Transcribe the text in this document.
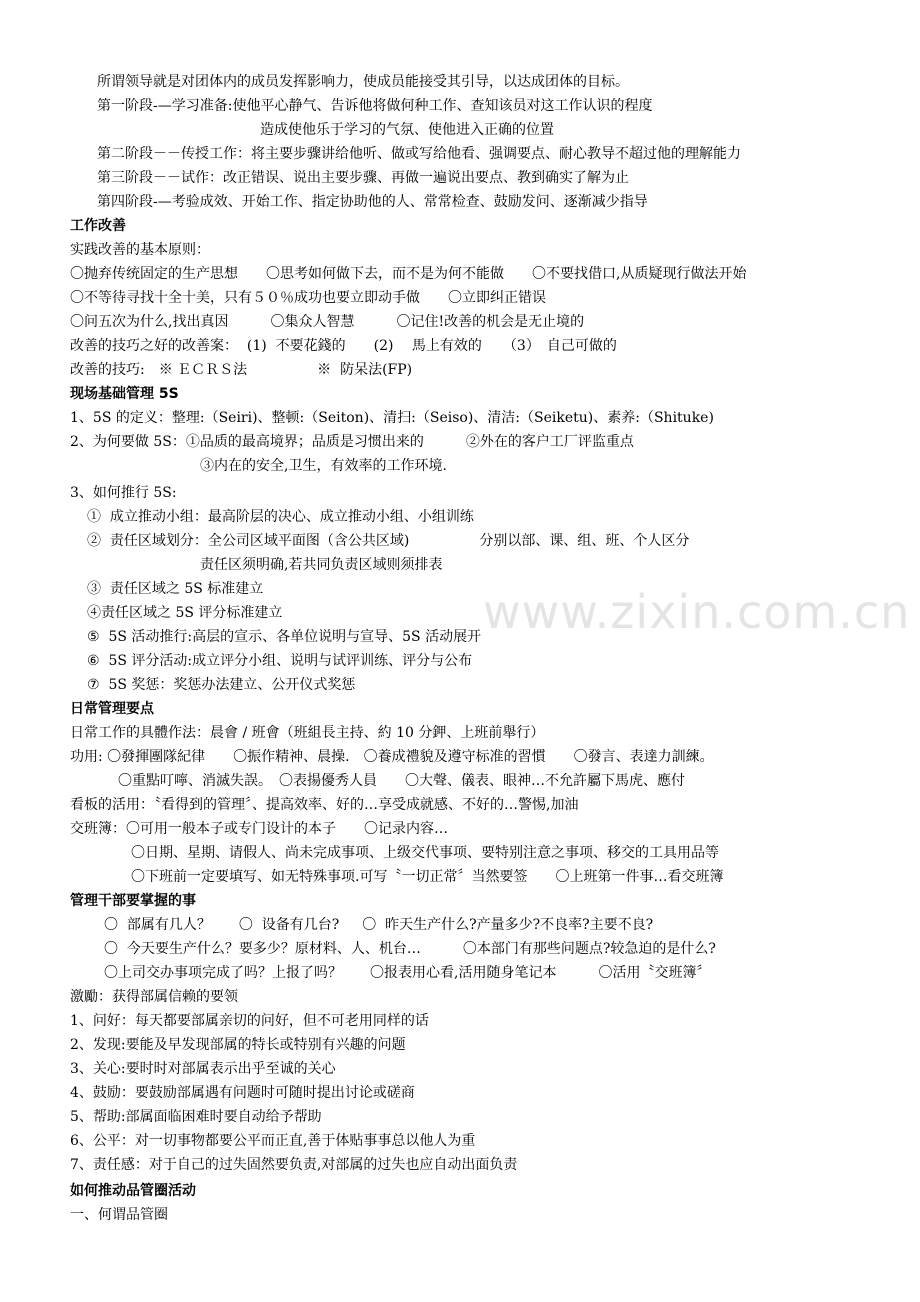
www.zixin.com.cn
所谓领导就是对团体内的成员发挥影响力，使成员能接受其引导，以达成团体的目标。
第一阶段-—学习准备:使他平心静气、告诉他将做何种工作、查知该员对这工作认识的程度
造成使他乐于学习的气氛、使他进入正确的位置
第二阶段－－传授工作：将主要步骤讲给他听、做或写给他看、强调要点、耐心教导不超过他的理解能力
第三阶段－－试作：改正错误、说出主要步骤、再做一遍说出要点、教到确实了解为止
第四阶段-—考验成效、开始工作、指定协助他的人、常常检查、鼓励发问、逐渐减少指导
工作改善
实践改善的基本原则：
〇抛弃传统固定的生产思想　　〇思考如何做下去，而不是为何不能做　　〇不要找借口,从质疑现行做法开始
〇不等待寻找十全十美，只有５０％成功也要立即动手做　　〇立即纠正错误
〇问五次为什么,找出真因　　　〇集众人智慧　　　〇记住!改善的机会是无止境的
改善的技巧之好的改善案：  (1)  不要花錢的　　(2)　 馬上有效的　　（3）　自己可做的
改善的技巧:　※ ＥＣＲＳ法　　　　　※  防呆法(FP)
现场基础管理 5S
1、5S 的定义：整理:（Seiri)、整顿:（Seiton)、清扫:（Seiso)、清洁:（Seiketu)、素养:（Shituke)
2、为何要做 5S：①品质的最高境界；品质是习惯出来的　　　②外在的客户工厂评监重点
③内在的安全,卫生，有效率的工作环境.
3、如何推行 5S:
①  成立推动小组：最高阶层的决心、成立推动小组、小组训练
②  责任区域划分：全公司区域平面图（含公共区域)　　　　　分别以部、课、组、班、个人区分
责任区须明确,若共同负责区域则须排表
③  责任区域之 5S 标准建立
④责任区域之 5S 评分标准建立
⑤  5S 活动推行:高层的宣示、各单位说明与宣导、5S 活动展开
⑥  5S 评分活动:成立评分小组、说明与试评训练、评分与公布
⑦  5S 奖惩：奖惩办法建立、公开仪式奖惩
日常管理要点
日常工作的具體作法：晨會 / 班會（班組長主持、約 10 分鉀、上班前舉行）
功用: 〇發揮團隊紀律　　〇振作精神、晨操.　〇養成禮貌及遵守标准的習慣　　〇發言、表達力訓練。
〇重點叮嚀、消滅失誤。　〇表揚優秀人員　　〇大聲、儀表、眼神…不允許屬下馬虎、應付
看板的活用：〝看得到的管理〞、提高效率、好的…享受成就感、不好的…警惕,加油
交班簿：〇可用一般本子或专门设计的本子　　〇记录内容…
〇日期、星期、请假人、尚未完成事项、上级交代事项、要特别注意之事项、移交的工具用品等
〇下班前一定要填写、如无特殊事项.可写〝一切正常〞当然要签　　〇上班第一件事…看交班簿
管理干部要掌握的事
〇  部属有几人？　　〇  设备有几台?　  〇  昨天生产什么?产量多少?不良率?主要不良?
〇  今天要生产什么？要多少？原材料、人、机台…　　　〇本部门有那些问题点?较急迫的是什么?
〇上司交办事项完成了吗？上报了吗？　　〇报表用心看,活用随身笔记本　　　〇活用〝交班簿〞
激勵：获得部属信赖的要领
1、问好：每天都要部属亲切的问好，但不可老用同样的话
2、发现:要能及早发现部属的特长或特别有兴趣的问题
3、关心:要时时对部属表示出乎至诚的关心
4、鼓励：要鼓励部属遇有问题时可随时提出讨论或磋商
5、帮助:部属面临困难时要自动给予帮助
6、公平：对一切事物都要公平而正直,善于体贴事事总以他人为重
7、责任感：对于自己的过失固然要负责,对部属的过失也应自动出面负责
如何推动品管圈活动
一、何谓品管圈
